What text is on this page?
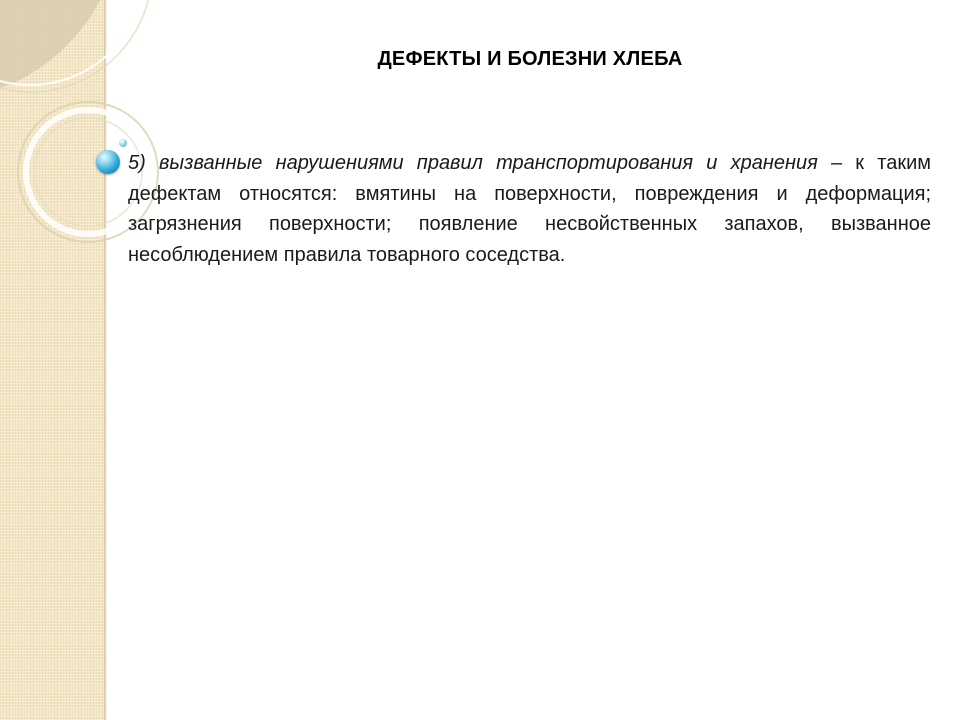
ДЕФЕКТЫ И БОЛЕЗНИ ХЛЕБА
5) вызванные нарушениями правил транспортирования и хранения – к таким дефектам относятся: вмятины на поверхности, повреждения и деформация; загрязнения поверхности; появление несвойственных запахов, вызванное несоблюдением правила товарного соседства.
